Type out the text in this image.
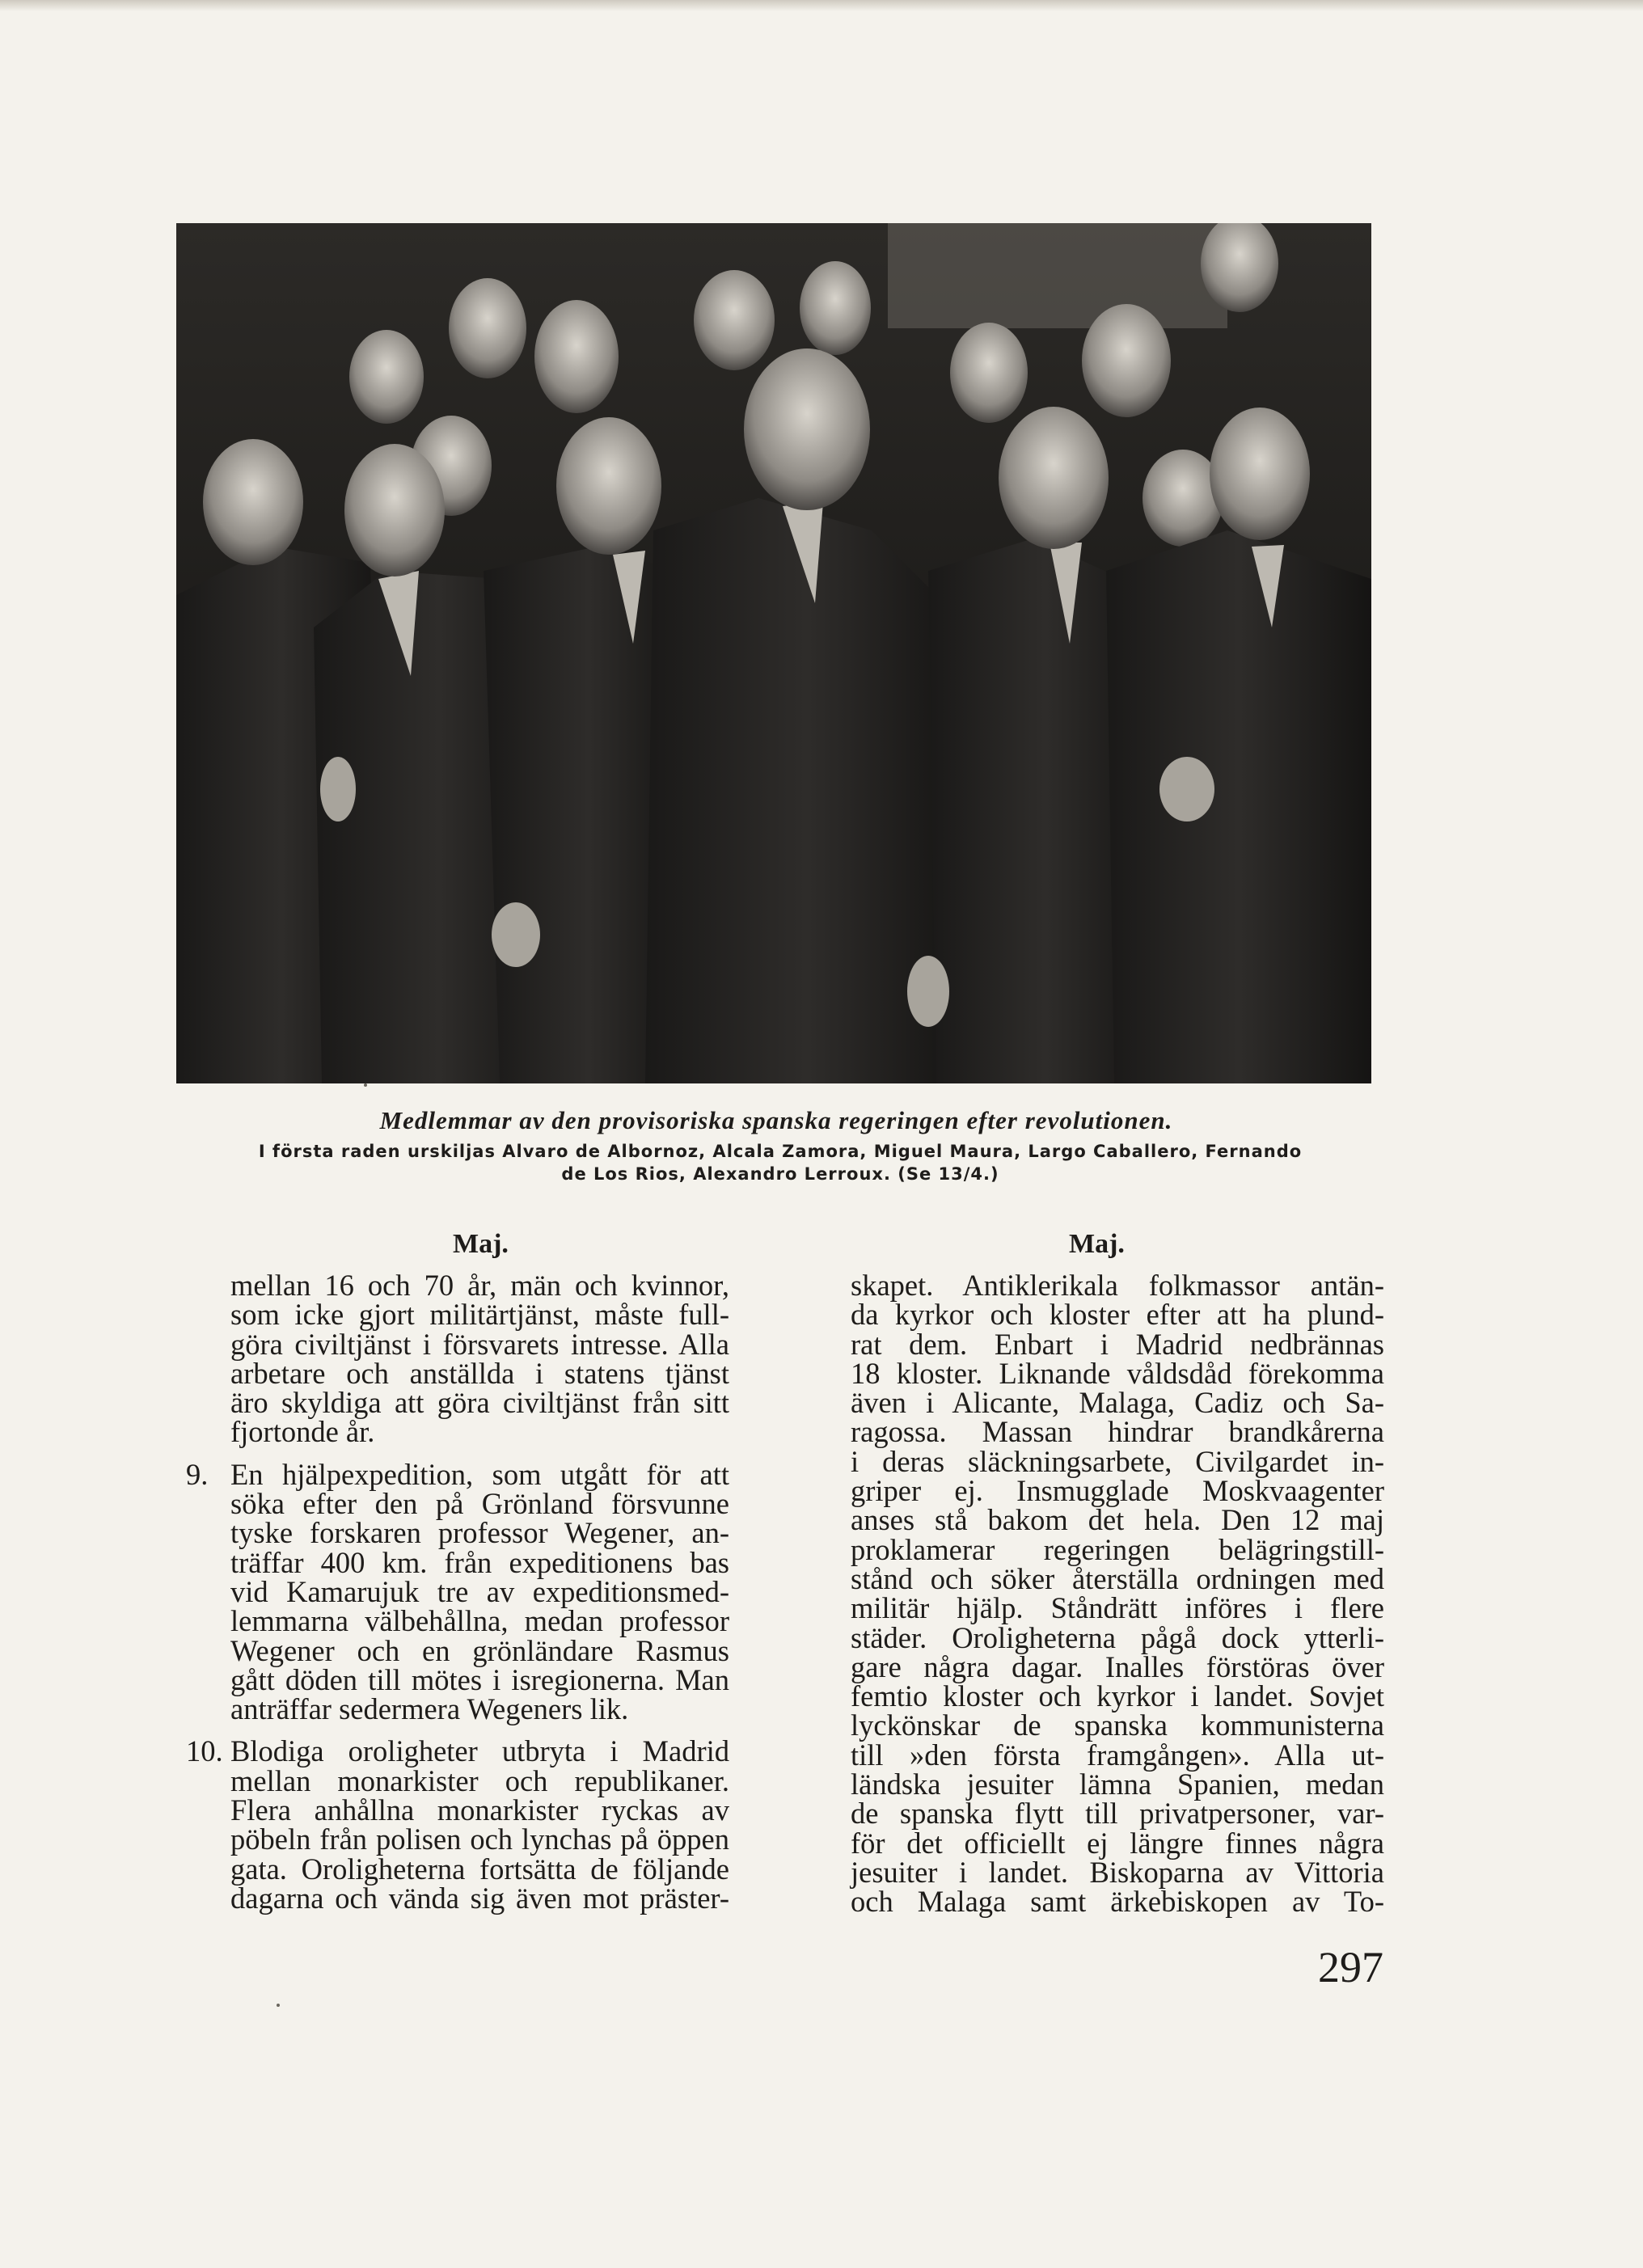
Medlemmar av den provisoriska spanska regeringen efter revolutionen.
I första raden urskiljas Alvaro de Albornoz, Alcala Zamora, Miguel Maura, Largo Caballero, Fernando
de Los Rios, Alexandro Lerroux. (Se 13/4.)
Maj.	Maj.
mellan 16 och 70 år, män och kvinnor,
som icke gjort militärtjänst, måste full-
göra civiltjänst i försvarets intresse. Alla
arbetare och anställda i statens tjänst
äro skyldiga att göra civiltjänst från sitt
fjortonde år.
9. En hjälpexpedition, som utgått för att
söka efter den på Grönland försvunne
tyske forskaren professor Wegener, an-
träffar 400 km. från expeditionens bas
vid Kamarujuk tre av expeditionsmed-
lemmarna välbehållna, medan professor
Wegener och en grönländare Rasmus
gått döden till mötes i isregionerna. Man
anträffar sedermera Wegeners lik.
10. Blodiga oroligheter utbryta i Madrid
mellan monarkister och republikaner.
Flera anhållna monarkister ryckas av
pöbeln från polisen och lynchas på öppen
gata. Oroligheterna fortsätta de följande
dagarna och vända sig även mot präster-
skapet. Antiklerikala folkmassor antän-
da kyrkor och kloster efter att ha plund-
rat dem. Enbart i Madrid nedbrännas
18 kloster. Liknande våldsdåd förekomma
även i Alicante, Malaga, Cadiz och Sa-
ragossa. Massan hindrar brandkårerna
i deras släckningsarbete, Civilgardet in-
griper ej. Insmugglade Moskvaagenter
anses stå bakom det hela. Den 12 maj
proklamerar regeringen belägringstill-
stånd och söker återställa ordningen med
militär hjälp. Ståndrätt införes i flere
städer. Oroligheterna pågå dock ytterli-
gare några dagar. Inalles förstöras över
femtio kloster och kyrkor i landet. Sovjet
lyckönskar de spanska kommunisterna
till »den första framgången». Alla ut-
ländska jesuiter lämna Spanien, medan
de spanska flytt till privatpersoner, var-
för det officiellt ej längre finnes några
jesuiter i landet. Biskoparna av Vittoria
och Malaga samt ärkebiskopen av To-
297
